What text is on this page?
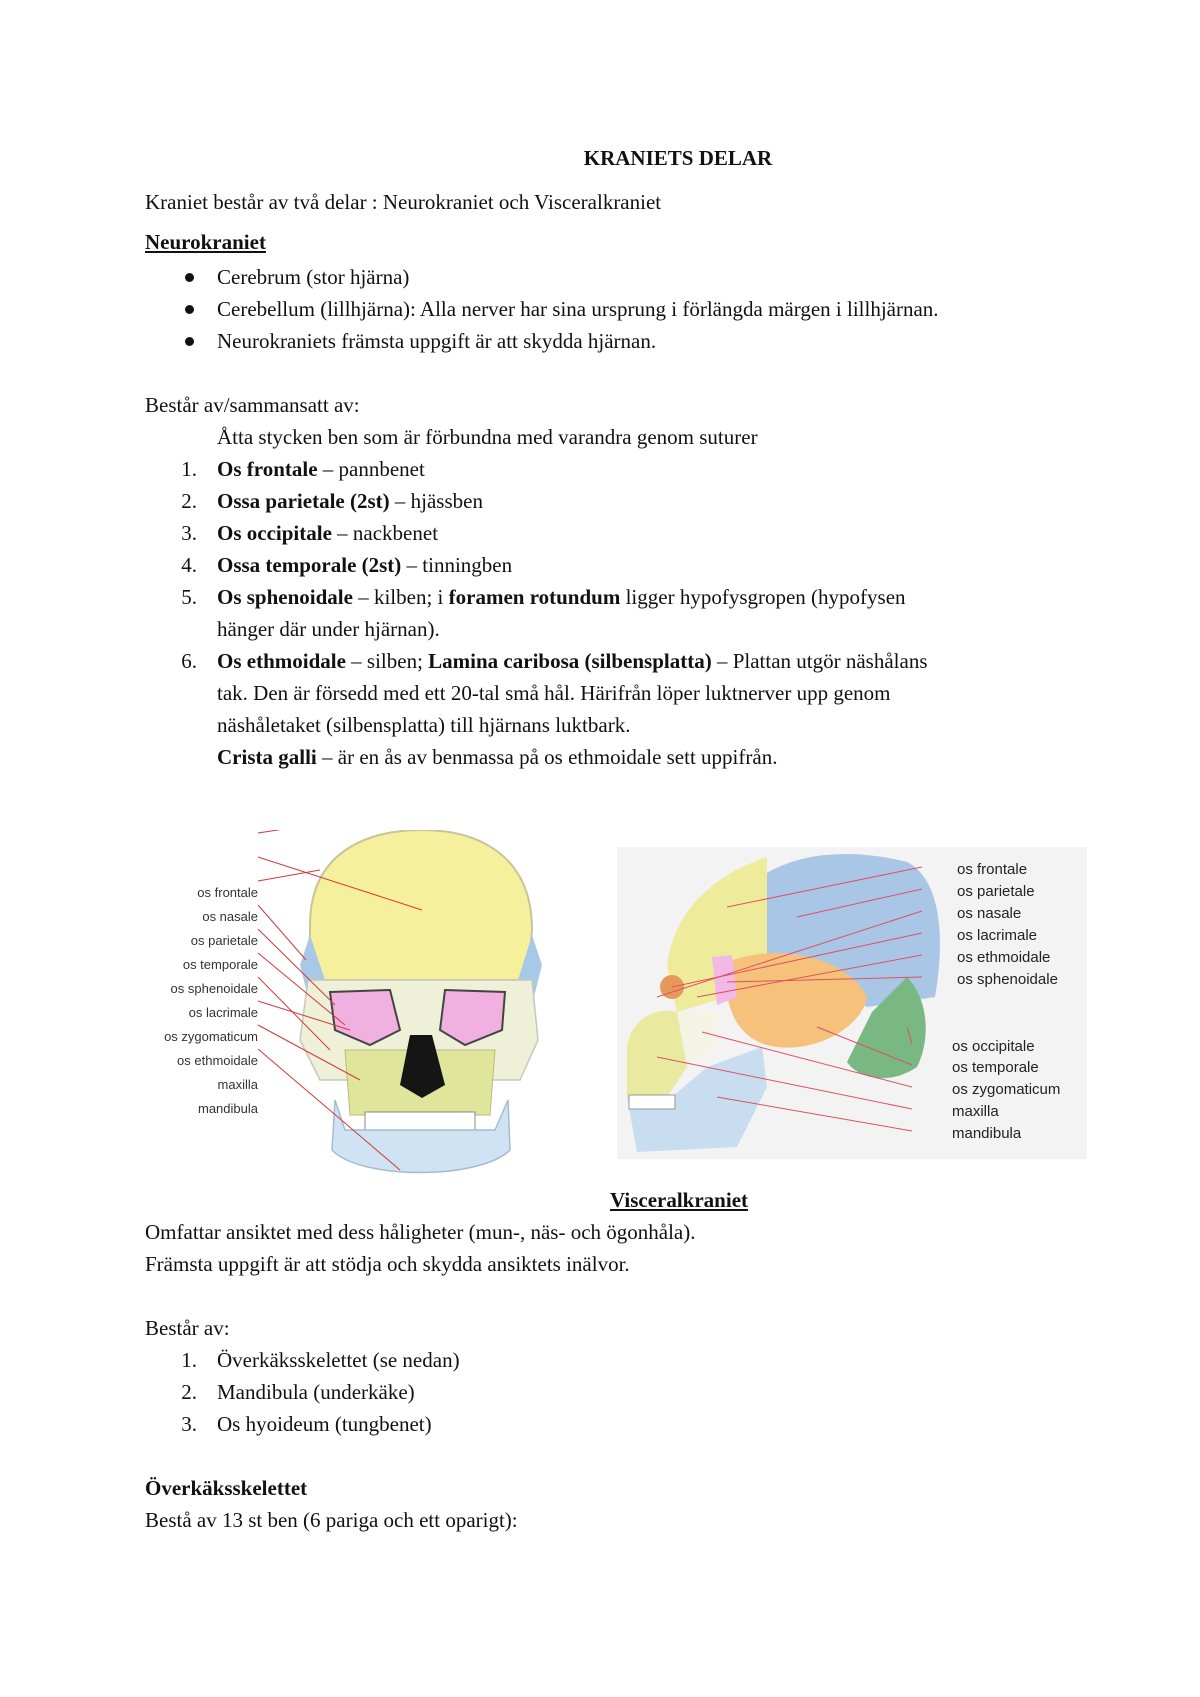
KRANIETS DELAR
Kraniet består av två delar : Neurokraniet och Visceralkraniet
Neurokraniet
Cerebrum (stor hjärna)
Cerebellum (lillhjärna): Alla nerver har sina ursprung i förlängda märgen i lillhjärnan.
Neurokraniets främsta uppgift är att skydda hjärnan.
Består av/sammansatt av:
Åtta stycken ben som är förbundna med varandra genom suturer
1. Os frontale – pannbenet
2. Ossa parietale (2st) – hjässben
3. Os occipitale – nackbenet
4. Ossa temporale (2st) – tinningben
5. Os sphenoidale – kilben; i foramen rotundum ligger hypofysgropen (hypofysen
hänger där under hjärnan).
6. Os ethmoidale – silben; Lamina caribosa (silbensplatta) – Plattan utgör näshålans
tak. Den är försedd med ett 20-tal små hål. Härifrån löper luktnerver upp genom
näshåletaket (silbensplatta) till hjärnans luktbark.
Crista galli – är en ås av benmassa på os ethmoidale sett uppifrån.
os frontale
os nasale
os parietale
os temporale
os sphenoidale
os lacrimale
os zygomaticum
os ethmoidale
maxilla
mandibula
os frontale
os parietale
os nasale
os lacrimale
os ethmoidale
os sphenoidale
os occipitale
os temporale
os zygomaticum
maxilla
mandibula
Visceralkraniet
Omfattar ansiktet med dess håligheter (mun-, näs- och ögonhåla).
Främsta uppgift är att stödja och skydda ansiktets inälvor.
Består av:
1. Överkäksskelettet (se nedan)
2. Mandibula (underkäke)
3. Os hyoideum (tungbenet)
Överkäksskelettet
Bestå av 13 st ben (6 pariga och ett oparigt):
